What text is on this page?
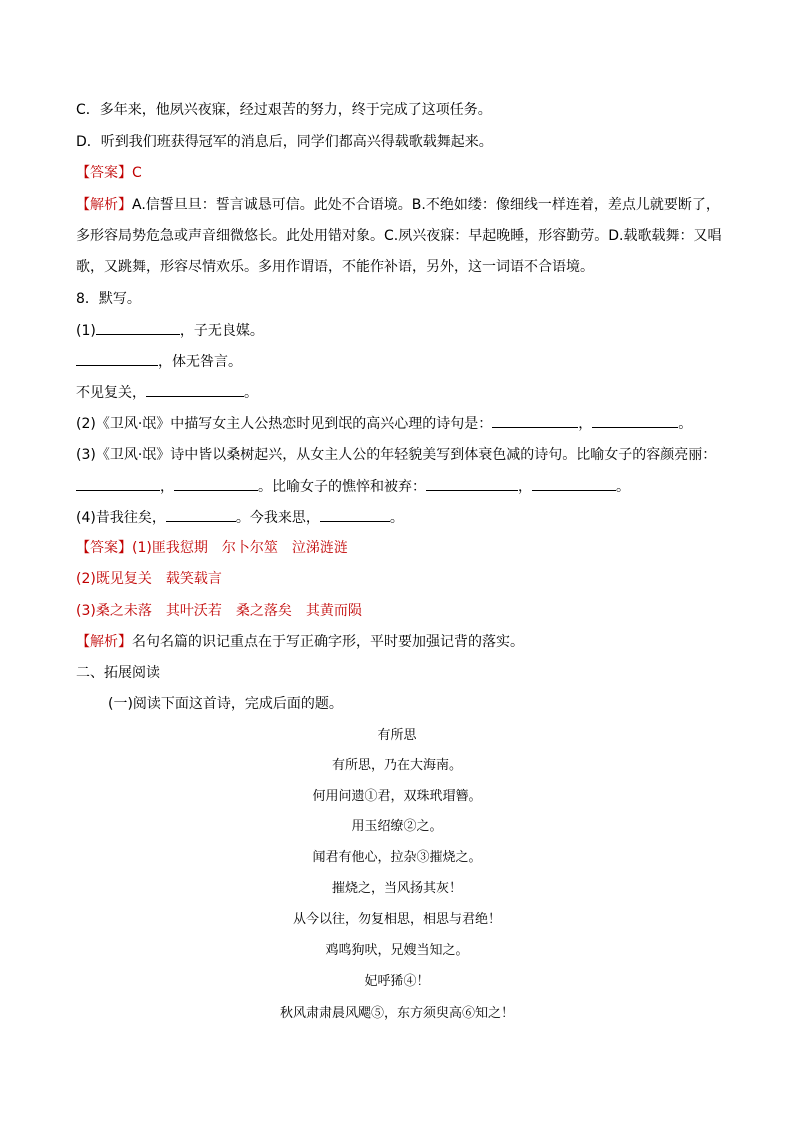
C．多年来，他夙兴夜寐，经过艰苦的努力，终于完成了这项任务。
D．听到我们班获得冠军的消息后，同学们都高兴得载歌载舞起来。
【答案】C
【解析】A.信誓旦旦：誓言诚恳可信。此处不合语境。B.不绝如缕：像细线一样连着，差点儿就要断了，
多形容局势危急或声音细微悠长。此处用错对象。C.夙兴夜寐：早起晚睡，形容勤劳。D.载歌载舞：又唱
歌，又跳舞，形容尽情欢乐。多用作谓语，不能作补语，另外，这一词语不合语境。
8．默写。
(1)	，子无良媒。
，体无咎言。
不见复关，	。
(2)《卫风·氓》中描写女主人公热恋时见到氓的高兴心理的诗句是：	，	。
(3)《卫风·氓》诗中皆以桑树起兴，从女主人公的年轻貌美写到体衰色减的诗句。比喻女子的容颜亮丽：
，	。比喻女子的憔悴和被弃：	，	。
(4)昔我往矣，	。今我来思，	。
【答案】(1)匪我愆期　尔卜尔筮　泣涕涟涟
(2)既见复关　载笑载言
(3)桑之未落　其叶沃若　桑之落矣　其黄而陨
【解析】名句名篇的识记重点在于写正确字形，平时要加强记背的落实。
二、拓展阅读
(一)阅读下面这首诗，完成后面的题。
有所思
有所思，乃在大海南。
何用问遗①君，双珠玳瑁簪。
用玉绍缭②之。
闻君有他心，拉杂③摧烧之。
摧烧之，当风扬其灰！
从今以往，勿复相思，相思与君绝！
鸡鸣狗吠，兄嫂当知之。
妃呼狶④！
秋风肃肃晨风飔⑤，东方须臾高⑥知之！
